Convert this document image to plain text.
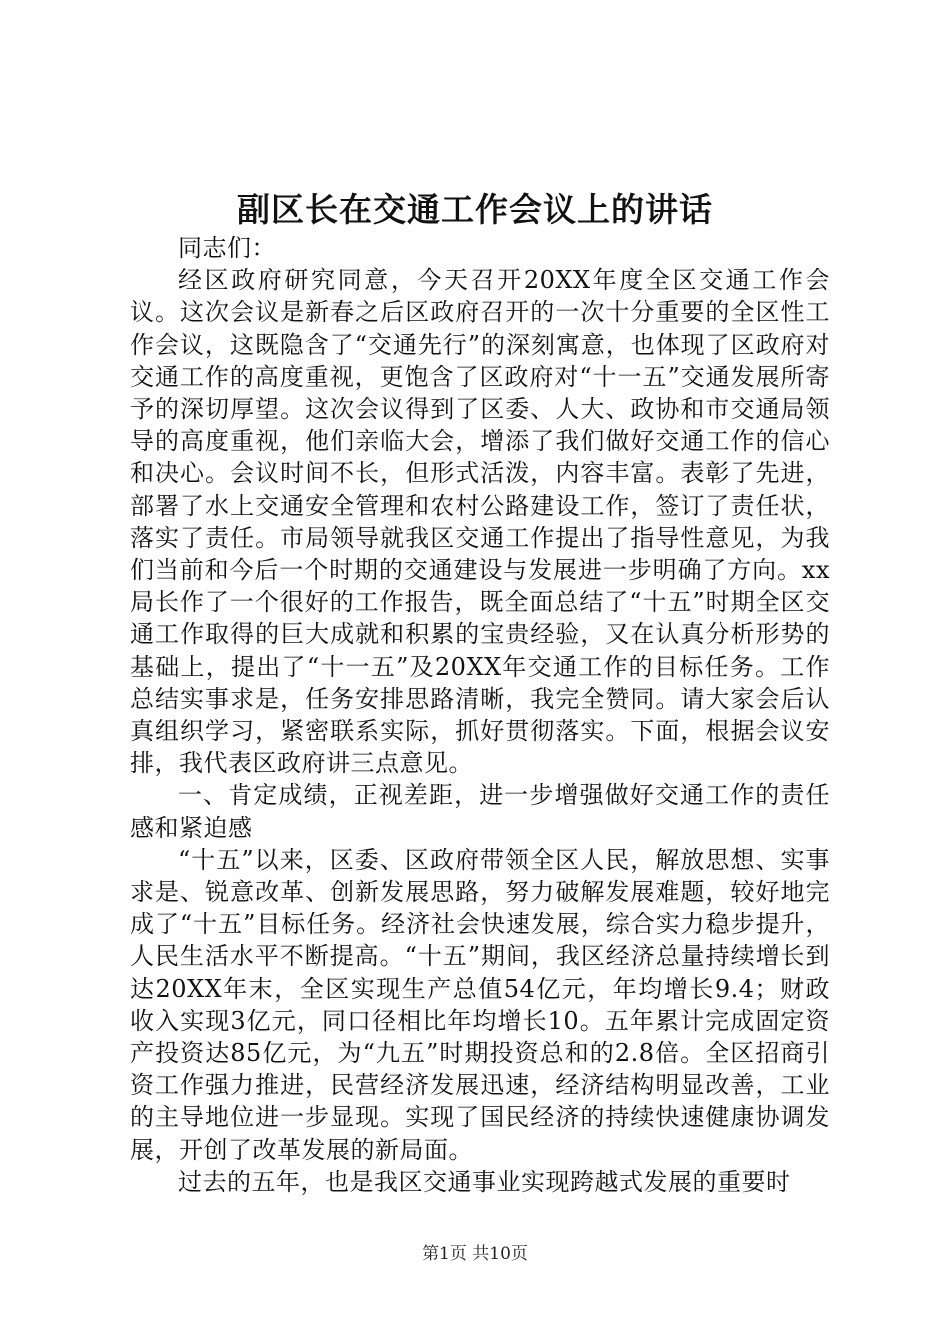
副区长在交通工作会议上的讲话

同志们：

经区政府研究同意，今天召开20XX年度全区交通工作会议。这次会议是新春之后区政府召开的一次十分重要的全区性工作会议，这既隐含了“交通先行”的深刻寓意，也体现了区政府对交通工作的高度重视，更饱含了区政府对“十一五”交通发展所寄予的深切厚望。这次会议得到了区委、人大、政协和市交通局领导的高度重视，他们亲临大会，增添了我们做好交通工作的信心和决心。会议时间不长，但形式活泼，内容丰富。表彰了先进，部署了水上交通安全管理和农村公路建设工作，签订了责任状，落实了责任。市局领导就我区交通工作提出了指导性意见，为我们当前和今后一个时期的交通建设与发展进一步明确了方向。xx局长作了一个很好的工作报告，既全面总结了“十五”时期全区交通工作取得的巨大成就和积累的宝贵经验，又在认真分析形势的基础上，提出了“十一五”及20XX年交通工作的目标任务。工作总结实事求是，任务安排思路清晰，我完全赞同。请大家会后认真组织学习，紧密联系实际，抓好贯彻落实。下面，根据会议安排，我代表区政府讲三点意见。

一、肯定成绩，正视差距，进一步增强做好交通工作的责任感和紧迫感

“十五”以来，区委、区政府带领全区人民，解放思想、实事求是、锐意改革、创新发展思路，努力破解发展难题，较好地完成了“十五”目标任务。经济社会快速发展，综合实力稳步提升，人民生活水平不断提高。“十五”期间，我区经济总量持续增长到达20XX年末，全区实现生产总值54亿元，年均增长9.4；财政收入实现3亿元，同口径相比年均增长10。五年累计完成固定资产投资达85亿元，为“九五”时期投资总和的2.8倍。全区招商引资工作强力推进，民营经济发展迅速，经济结构明显改善，工业的主导地位进一步显现。实现了国民经济的持续快速健康协调发展，开创了改革发展的新局面。

过去的五年，也是我区交通事业实现跨越式发展的重要时

第1页 共10页
